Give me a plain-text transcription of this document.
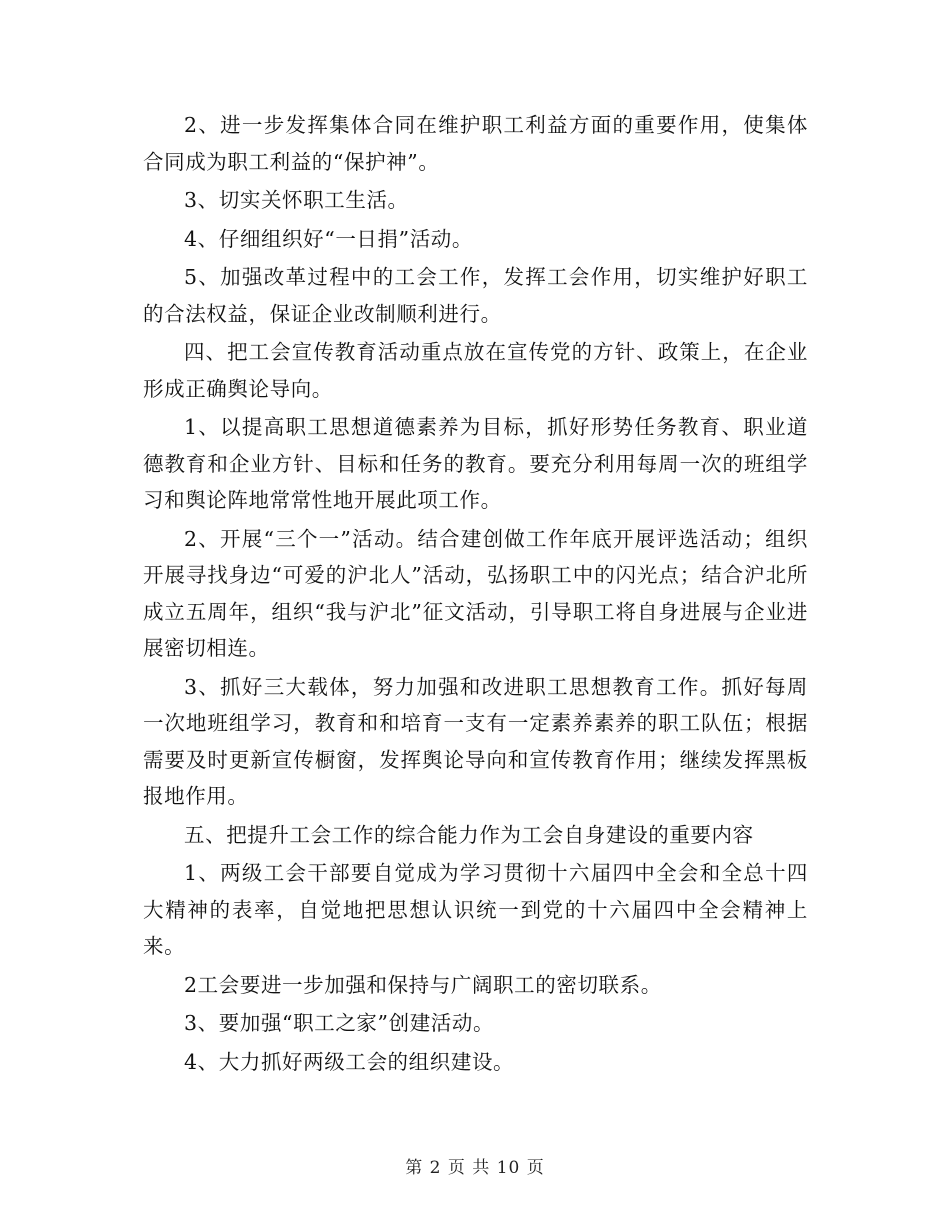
2、进一步发挥集体合同在维护职工利益方面的重要作用，使集体合同成为职工利益的“保护神”。

3、切实关怀职工生活。

4、仔细组织好“一日捐”活动。

5、加强改革过程中的工会工作，发挥工会作用，切实维护好职工的合法权益，保证企业改制顺利进行。

四、把工会宣传教育活动重点放在宣传党的方针、政策上，在企业形成正确舆论导向。

1、以提高职工思想道德素养为目标，抓好形势任务教育、职业道德教育和企业方针、目标和任务的教育。要充分利用每周一次的班组学习和舆论阵地常常性地开展此项工作。

2、开展“三个一”活动。结合建创做工作年底开展评选活动；组织开展寻找身边“可爱的沪北人”活动，弘扬职工中的闪光点；结合沪北所成立五周年，组织“我与沪北”征文活动，引导职工将自身进展与企业进展密切相连。

3、抓好三大载体，努力加强和改进职工思想教育工作。抓好每周一次地班组学习，教育和和培育一支有一定素养素养的职工队伍；根据需要及时更新宣传橱窗，发挥舆论导向和宣传教育作用；继续发挥黑板报地作用。

五、把提升工会工作的综合能力作为工会自身建设的重要内容

1、两级工会干部要自觉成为学习贯彻十六届四中全会和全总十四大精神的表率，自觉地把思想认识统一到党的十六届四中全会精神上来。

2工会要进一步加强和保持与广阔职工的密切联系。

3、要加强“职工之家”创建活动。

4、大力抓好两级工会的组织建设。

第 2 页 共 10 页
